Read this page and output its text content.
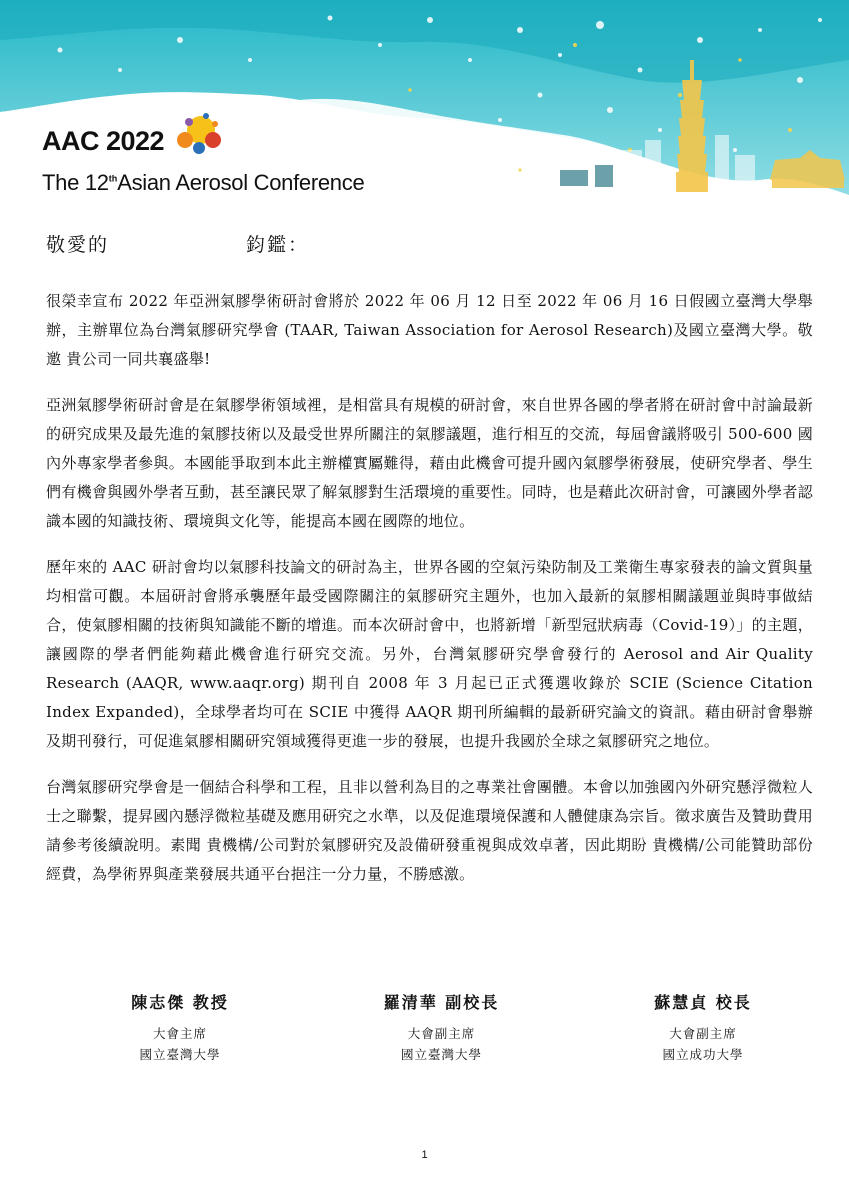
AAC 2022
The 12thAsian Aerosol Conference
敬愛的	鈞鑑：

很榮幸宣布 2022 年亞洲氣膠學術研討會將於 2022 年 06 月 12 日至 2022 年 06 月 16 日假國立臺灣大學舉辦，主辦單位為台灣氣膠研究學會 (TAAR, Taiwan Association for Aerosol Research)及國立臺灣大學。敬邀 貴公司一同共襄盛舉!

亞洲氣膠學術研討會是在氣膠學術領域裡，是相當具有規模的研討會，來自世界各國的學者將在研討會中討論最新的研究成果及最先進的氣膠技術以及最受世界所關注的氣膠議題，進行相互的交流，每屆會議將吸引 500-600 國內外專家學者參與。本國能爭取到本此主辦權實屬難得，藉由此機會可提升國內氣膠學術發展，使研究學者、學生們有機會與國外學者互動，甚至讓民眾了解氣膠對生活環境的重要性。同時，也是藉此次研討會，可讓國外學者認識本國的知識技術、環境與文化等，能提高本國在國際的地位。

歷年來的 AAC 研討會均以氣膠科技論文的研討為主，世界各國的空氣污染防制及工業衛生專家發表的論文質與量均相當可觀。本屆研討會將承襲歷年最受國際關注的氣膠研究主題外，也加入最新的氣膠相關議題並與時事做結合，使氣膠相關的技術與知識能不斷的增進。而本次研討會中，也將新增「新型冠狀病毒（Covid-19）」的主題，讓國際的學者們能夠藉此機會進行研究交流。另外，台灣氣膠研究學會發行的 Aerosol and Air Quality Research (AAQR, www.aaqr.org) 期刊自 2008 年 3 月起已正式獲選收錄於 SCIE (Science Citation Index Expanded)，全球學者均可在 SCIE 中獲得 AAQR 期刊所編輯的最新研究論文的資訊。藉由研討會舉辦及期刊發行，可促進氣膠相關研究領域獲得更進一步的發展，也提升我國於全球之氣膠研究之地位。

台灣氣膠研究學會是一個結合科學和工程，且非以營利為目的之專業社會團體。本會以加強國內外研究懸浮微粒人士之聯繫，提昇國內懸浮微粒基礎及應用研究之水準，以及促進環境保護和人體健康為宗旨。徵求廣告及贊助費用請參考後續說明。素聞 貴機構/公司對於氣膠研究及設備研發重視與成效卓著，因此期盼 貴機構/公司能贊助部份經費，為學術界與產業發展共通平台挹注一分力量，不勝感激。

陳志傑 教授
大會主席
國立臺灣大學
羅清華 副校長
大會副主席
國立臺灣大學
蘇慧貞 校長
大會副主席
國立成功大學
1
